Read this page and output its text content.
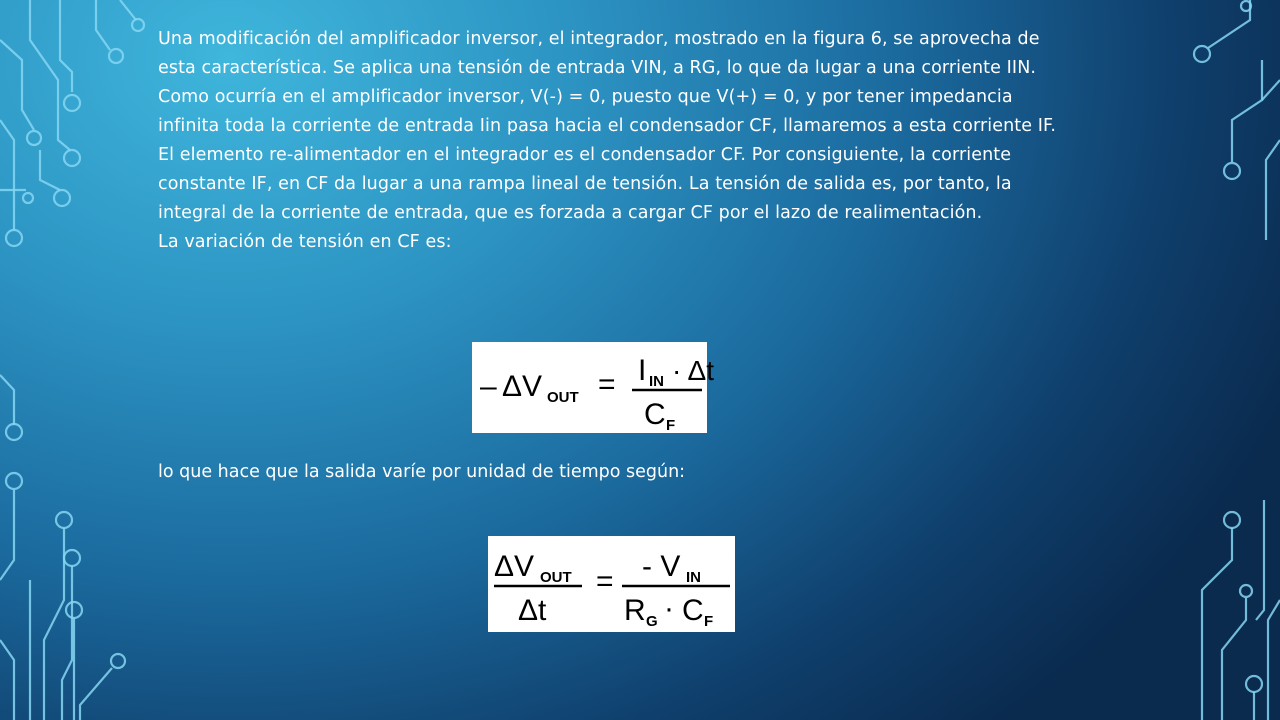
Una modificación del amplificador inversor, el integrador, mostrado en la figura 6, se aprovecha de esta característica. Se aplica una tensión de entrada VIN, a RG, lo que da lugar a una corriente IIN.

Como ocurría en el amplificador inversor, V(-) = 0, puesto que V(+) = 0, y por tener impedancia infinita toda la corriente de entrada Iin pasa hacia el condensador CF, llamaremos a esta corriente IF.

El elemento re-alimentador en el integrador es el condensador CF. Por consiguiente, la corriente constante IF, en CF da lugar a una rampa lineal de tensión. La tensión de salida es, por tanto, la integral de la corriente de entrada, que es forzada a cargar CF por el lazo de realimentación.

La variación de tensión en CF es:

– ΔV OUT = I IN · Δt
C F
lo que hace que la salida varíe por unidad de tiempo según:
ΔV OUT
Δt
= - V IN
R G · C F
